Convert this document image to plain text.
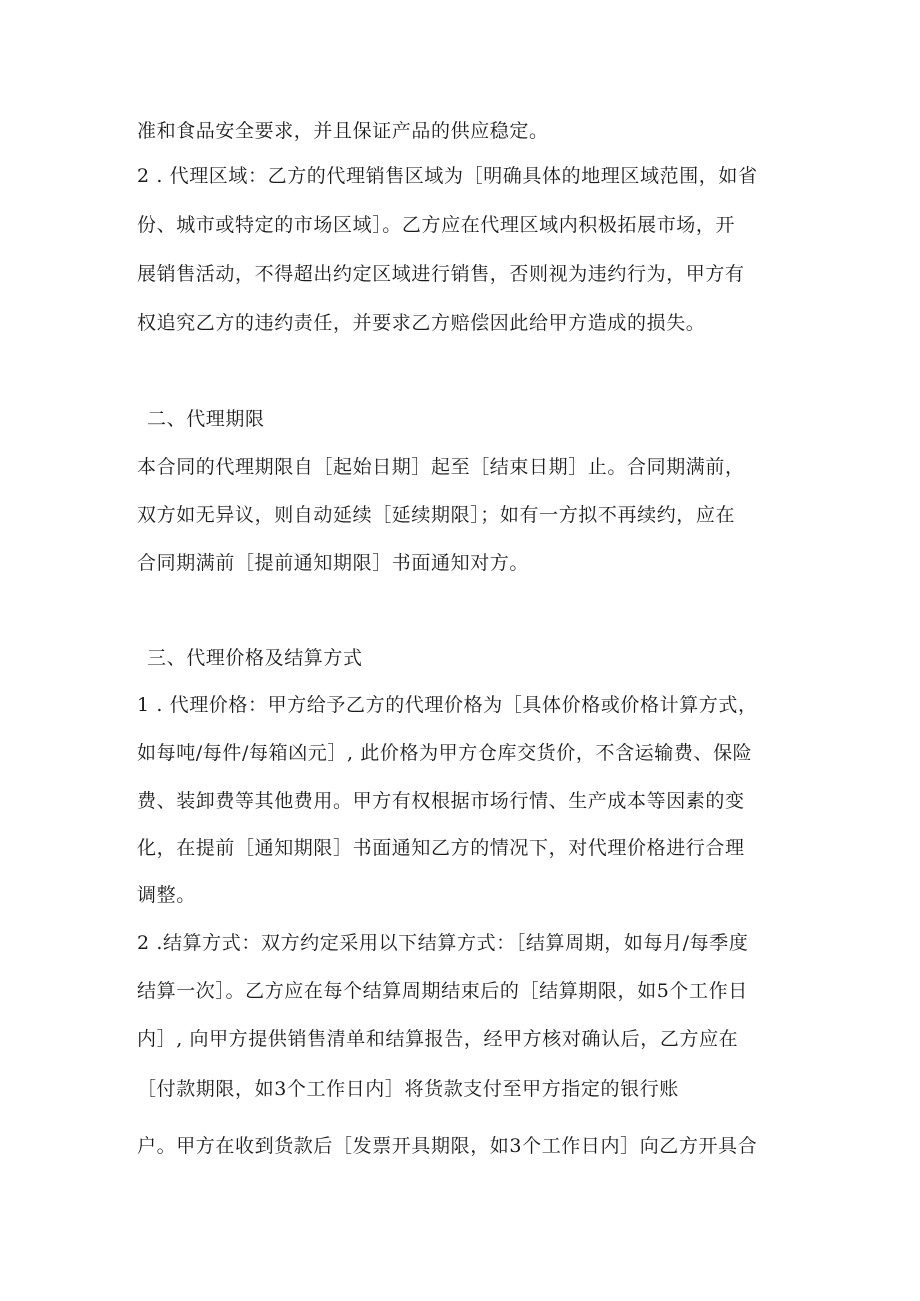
准和食品安全要求，并且保证产品的供应稳定。
2 . 代理区域：乙方的代理销售区域为［明确具体的地理区域范围，如省
份、城市或特定的市场区域］。乙方应在代理区域内积极拓展市场，开
展销售活动，不得超出约定区域进行销售，否则视为违约行为，甲方有
权追究乙方的违约责任，并要求乙方赔偿因此给甲方造成的损失。
二、代理期限
本合同的代理期限自［起始日期］起至［结束日期］止。合同期满前，
双方如无异议，则自动延续［延续期限］；如有一方拟不再续约，应在
合同期满前［提前通知期限］书面通知对方。
三、代理价格及结算方式
1 . 代理价格：甲方给予乙方的代理价格为［具体价格或价格计算方式，
如每吨/每件/每箱凶元］, 此价格为甲方仓库交货价，不含运输费、保险
费、装卸费等其他费用。甲方有权根据市场行情、生产成本等因素的变
化，在提前［通知期限］书面通知乙方的情况下，对代理价格进行合理
调整。
2 .结算方式：双方约定采用以下结算方式：［结算周期，如每月/每季度
结算一次］。乙方应在每个结算周期结束后的［结算期限，如5个工作日
内］, 向甲方提供销售清单和结算报告，经甲方核对确认后，乙方应在
［付款期限，如3个工作日内］将货款支付至甲方指定的银行账
户。甲方在收到货款后［发票开具期限，如3个工作日内］向乙方开具合
